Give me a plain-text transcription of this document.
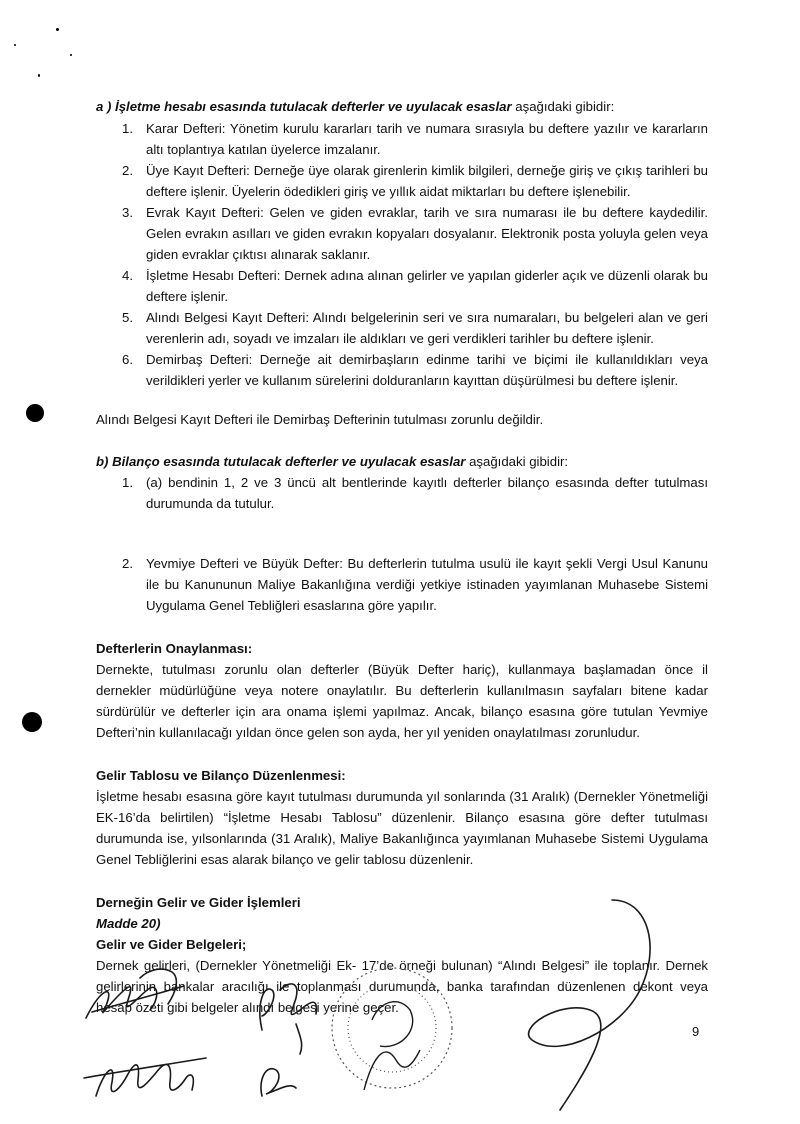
a ) İşletme hesabı esasında tutulacak defterler ve uyulacak esaslar aşağıdaki gibidir:

1. Karar Defteri: Yönetim kurulu kararları tarih ve numara sırasıyla bu deftere yazılır ve kararların altı toplantıya katılan üyelerce imzalanır.
2. Üye Kayıt Defteri: Derneğe üye olarak girenlerin kimlik bilgileri, derneğe giriş ve çıkış tarihleri bu deftere işlenir. Üyelerin ödedikleri giriş ve yıllık aidat miktarları bu deftere işlenebilir.
3. Evrak Kayıt Defteri: Gelen ve giden evraklar, tarih ve sıra numarası ile bu deftere kaydedilir. Gelen evrakın asılları ve giden evrakın kopyaları dosyalanır. Elektronik posta yoluyla gelen veya giden evraklar çıktısı alınarak saklanır.
4. İşletme Hesabı Defteri: Dernek adına alınan gelirler ve yapılan giderler açık ve düzenli olarak bu deftere işlenir.
5. Alındı Belgesi Kayıt Defteri: Alındı belgelerinin seri ve sıra numaraları, bu belgeleri alan ve geri verenlerin adı, soyadı ve imzaları ile aldıkları ve geri verdikleri tarihler bu deftere işlenir.
6. Demirbaş Defteri: Derneğe ait demirbaşların edinme tarihi ve biçimi ile kullanıldıkları veya verildikleri yerler ve kullanım sürelerini dolduranların kayıttan düşürülmesi bu deftere işlenir.

Alındı Belgesi Kayıt Defteri ile Demirbaş Defterinin tutulması zorunlu değildir.

b) Bilanço esasında tutulacak defterler ve uyulacak esaslar aşağıdaki gibidir:

1. (a) bendinin 1, 2 ve 3 üncü alt bentlerinde kayıtlı defterler bilanço esasında defter tutulması durumunda da tutulur.
2. Yevmiye Defteri ve Büyük Defter: Bu defterlerin tutulma usulü ile kayıt şekli Vergi Usul Kanunu ile bu Kanununun Maliye Bakanlığına verdiği yetkiye istinaden yayımlanan Muhasebe Sistemi Uygulama Genel Tebliğleri esaslarına göre yapılır.

Defterlerin Onaylanması:

Dernekte, tutulması zorunlu olan defterler (Büyük Defter hariç), kullanmaya başlamadan önce il dernekler müdürlüğüne veya notere onaylatılır. Bu defterlerin kullanılmasın sayfaları bitene kadar sürdürülür ve defterler için ara onama işlemi yapılmaz. Ancak, bilanço esasına göre tutulan Yevmiye Defteri’nin kullanılacağı yıldan önce gelen son ayda, her yıl yeniden onaylatılması zorunludur.

Gelir Tablosu ve Bilanço Düzenlenmesi:

İşletme hesabı esasına göre kayıt tutulması durumunda yıl sonlarında (31 Aralık) (Dernekler Yönetmeliği EK-16’da belirtilen) “İşletme Hesabı Tablosu” düzenlenir. Bilanço esasına göre defter tutulması durumunda ise, yılsonlarında (31 Aralık), Maliye Bakanlığınca yayımlanan Muhasebe Sistemi Uygulama Genel Tebliğlerini esas alarak bilanço ve gelir tablosu düzenlenir.

Derneğin Gelir ve Gider İşlemleri

Madde 20)

Gelir ve Gider Belgeleri;

Dernek gelirleri, (Dernekler Yönetmeliği Ek- 17’de örneği bulunan) “Alındı Belgesi” ile toplanır. Dernek gelirlerinin bankalar aracılığı ile toplanması durumunda, banka tarafından düzenlenen dekont veya hesap özeti gibi belgeler alındı belgesi yerine geçer.

9
